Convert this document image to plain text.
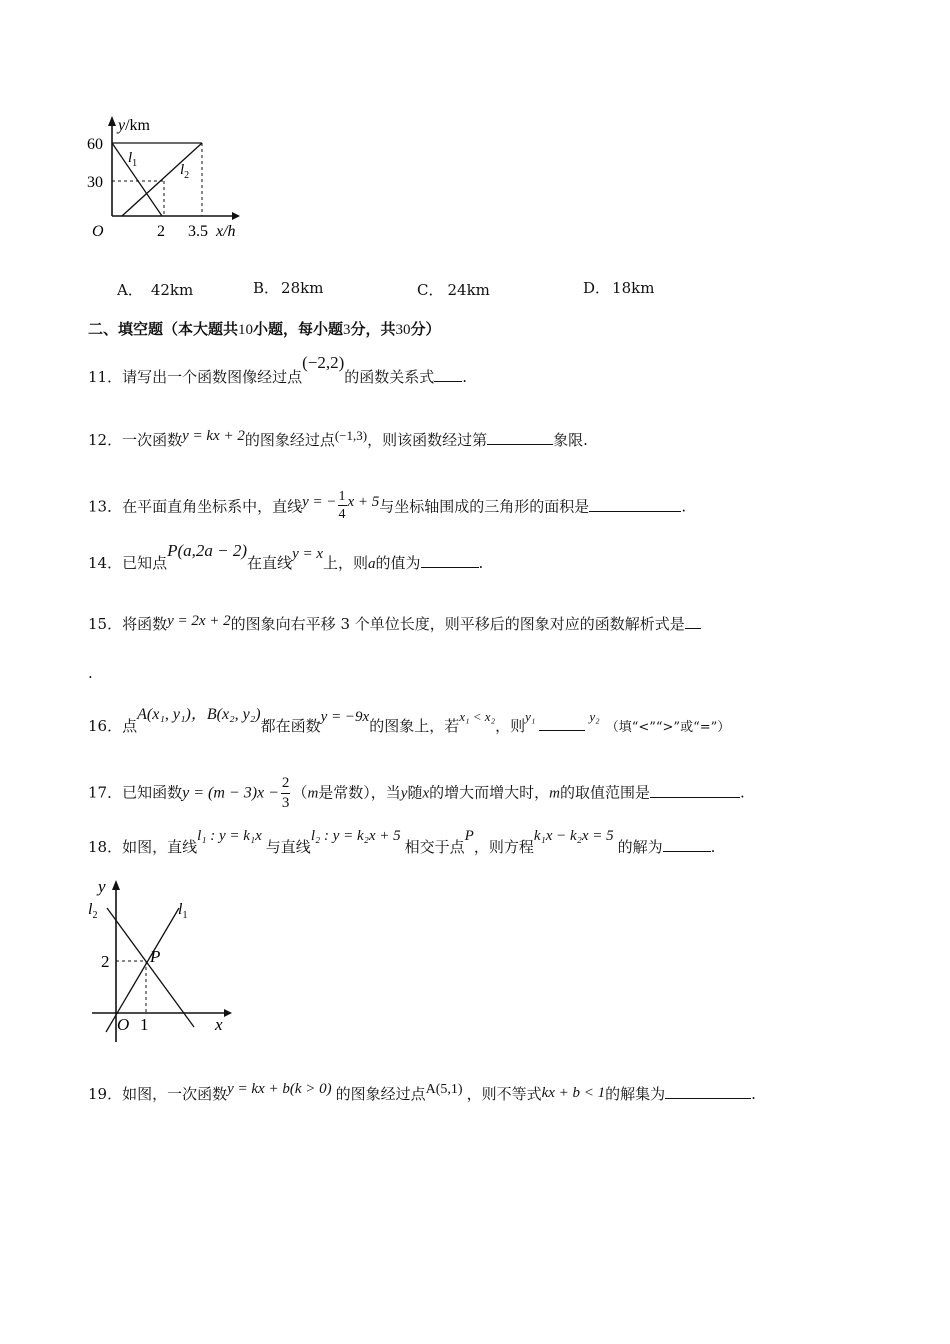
y/km
60
30
O	2 3.5 x/h
$l_1$	$l_2$
A． 42km	B． 28km	C． 24km	D． 18km
二、填空题（本大题共10小题，每小题3分，共30分）
11．请写出一个函数图像经过点(−2,2)的函数关系式 .
12．一次函数y = kx + 2的图象经过点(−1,3)，则该函数经过第	象限.
13．在平面直角坐标系中，直线y = − $\frac{1}{4}$ x + 5与坐标轴围成的三角形的面积是	.
14．已知点P(a,2a − 2)在直线y = x上，则a的值为	.
15．将函数y = 2x + 2的图象向右平移 3 个单位长度，则平移后的图象对应的函数解析式是
.
16．点A(x₁, y₁)，B(x₂, y₂)都在函数y = −9x的图象上，若x₁ < x₂，则y₁	y₂（填“<”“>”或“=”）
17．已知函数$y = (m - 3)x - \frac{2}{3} (m$是常数），当y随x的增大而增大时，m的取值范围是	.
18．如图，直线l₁ : y = k₁x与直线l₂ : y = k₂x + 5相交于点P，则方程k₁x − k₂x = 5的解为	.
y
$l_2$	$l_1$
P
2
O 1	x
19．如图，一次函数y = kx + b(k > 0) 的图象经过点A(5,1) ，则不等式kx + b < 1的解集为	.
